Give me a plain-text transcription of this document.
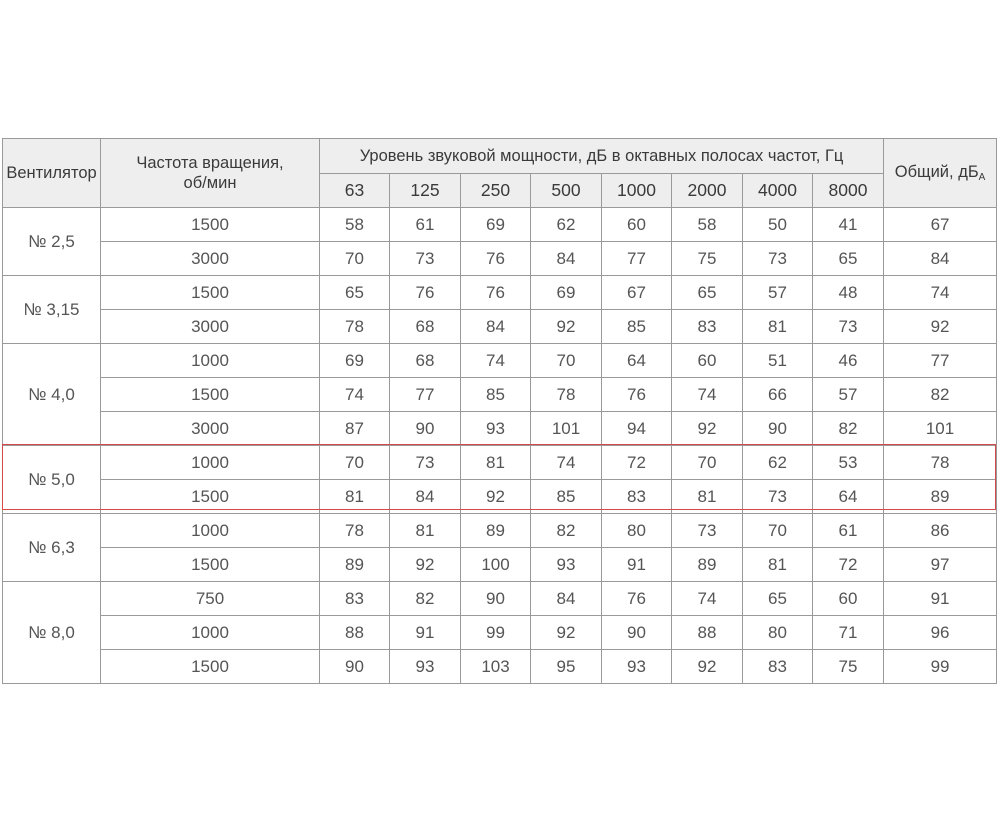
Вентилятор	Частота вращения, об/мин	Уровень звуковой мощности, дБ в октавных полосах частот, Гц								Общий, $дБ_A$
		63	125	250	500	1000	2000	4000	8000	
№ 2,5	1500	58	61	69	62	60	58	50	41	67
	3000	70	73	76	84	77	75	73	65	84
№ 3,15	1500	65	76	76	69	67	65	57	48	74
	3000	78	68	84	92	85	83	81	73	92
№ 4,0	1000	69	68	74	70	64	60	51	46	77
	1500	74	77	85	78	76	74	66	57	82
	3000	87	90	93	101	94	92	90	82	101
№ 5,0	1000	70	73	81	74	72	70	62	53	78
	1500	81	84	92	85	83	81	73	64	89
№ 6,3	1000	78	81	89	82	80	73	70	61	86
	1500	89	92	100	93	91	89	81	72	97
№ 8,0	750	83	82	90	84	76	74	65	60	91
	1000	88	91	99	92	90	88	80	71	96
	1500	90	93	103	95	93	92	83	75	99
